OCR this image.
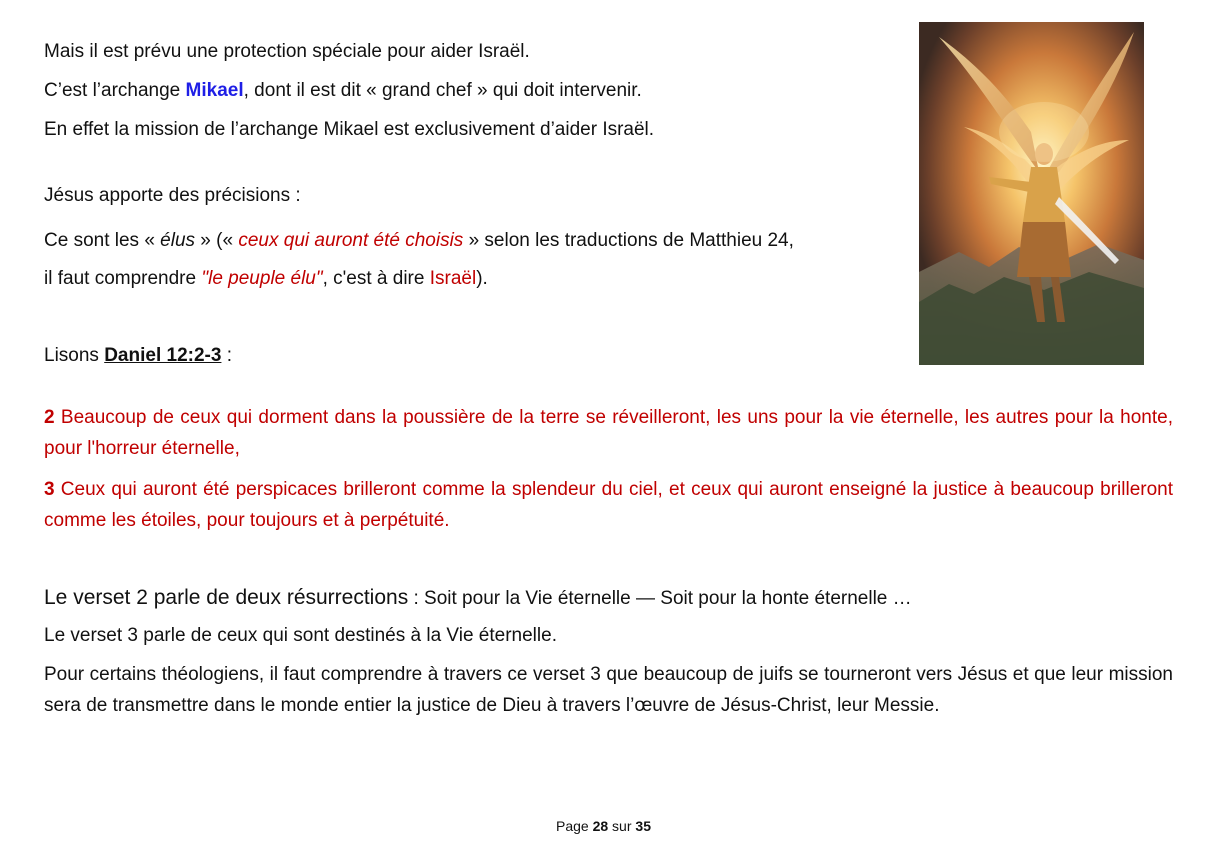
Mais il est prévu une protection spéciale pour aider Israël.
C’est l’archange Mikael, dont il est dit « grand chef » qui doit intervenir.
En effet la mission de l’archange Mikael est exclusivement d’aider Israël.
Jésus apporte des précisions :
Ce sont les « élus » (« ceux qui auront été choisis » selon les traductions de Matthieu 24,
il faut comprendre "le peuple élu", c'est à dire Israël).
Lisons Daniel 12:2-3 :
2 Beaucoup de ceux qui dorment dans la poussière de la terre se réveilleront, les uns pour la vie éternelle, les autres pour la honte, pour l'horreur éternelle,
3 Ceux qui auront été perspicaces brilleront comme la splendeur du ciel, et ceux qui auront enseigné la justice à beaucoup brilleront comme les étoiles, pour toujours et à perpétuité.
Le verset 2 parle de deux résurrections : Soit pour la Vie éternelle — Soit pour la honte éternelle …
Le verset 3 parle de ceux qui sont destinés à la Vie éternelle.
Pour certains théologiens, il faut comprendre à travers ce verset 3 que beaucoup de juifs se tourneront vers Jésus et que leur mission sera de transmettre dans le monde entier la justice de Dieu à travers l’œuvre de Jésus-Christ, leur Messie.
Page 28 sur 35
